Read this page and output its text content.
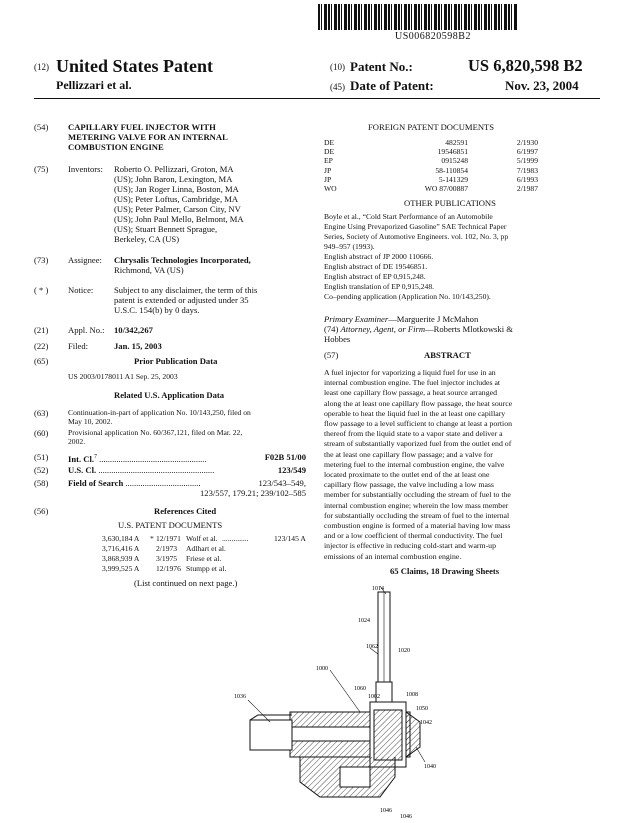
US006820598B2
(12) United States Patent
Pellizzari et al.
(10) Patent No.:	US 6,820,598 B2
(45) Date of Patent:	Nov. 23, 2004
(54) CAPILLARY FUEL INJECTOR WITH
METERING VALVE FOR AN INTERNAL
COMBUSTION ENGINE
(75) Inventors: Roberto O. Pellizzari, Groton, MA
(US); John Baron, Lexington, MA
(US); Jan Roger Linna, Boston, MA
(US); Peter Loftus, Cambridge, MA
(US); Peter Palmer, Carson City, NV
(US); John Paul Mello, Belmont, MA
(US); Stuart Bennett Sprague,
Berkeley, CA (US)
(73) Assignee: Chrysalis Technologies Incorporated,
Richmond, VA (US)
( * ) Notice: Subject to any disclaimer, the term of this
patent is extended or adjusted under 35
U.S.C. 154(b) by 0 days.
(21) Appl. No.: 10/342,267
(22) Filed:	Jan. 15, 2003
(65)	Prior Publication Data
US 2003/0178011 A1 Sep. 25, 2003
Related U.S. Application Data
(63)	Continuation-in-part of application No. 10/143,250, filed on
May 10, 2002.
(60)	Provisional application No. 60/367,121, filed on Mar. 22,
2002.
(51) Int. Cl.$^7$ ..................................................	F02B 51/00
(52) U.S. Cl. ......................................................	123/549
(58) Field of Search ...................................	123/543–549,
123/557, 179.21; 239/102–585
(56)	References Cited
U.S. PATENT DOCUMENTS
3,630,184 A * 12/1971 Wolf et al.	123/145 A
..............
3,716,416 A 2/1973 Adlhart et al.
3,868,939 A 3/1975 Friese et al.
3,999,525 A 12/1976 Stumpp et al.
(List continued on next page.)
FOREIGN PATENT DOCUMENTS
DE	482591	2/1930
DE	19546851	6/1997
EP	0915248	5/1999
JP	58-110854	7/1983
JP	5-141329	6/1993
WO	WO 87/00887	2/1987
OTHER PUBLICATIONS
Boyle et al., “Cold Start Performance of an Automobile
Engine Using Prevaporized Gasoline” SAE Technical Paper
Series, Society of Automotive Engineers. vol. 102, No. 3, pp
949–957 (1993).
English abstract of JP 2000 110666.
English abstract of DE 19546851.
English abstract of EP 0,915,248.
English translation of EP 0,915,248.
Co–pending application (Application No. 10/143,250).
Primary Examiner—Marguerite J McMahon
(74) Attorney, Agent, or Firm—Roberts Mlotkowski &
Hobbes
(57)	ABSTRACT
A fuel injector for vaporizing a liquid fuel for use in an
internal combustion engine. The fuel injector includes at
least one capillary flow passage, a heat source arranged
along the at least one capillary flow passage, the heat source
operable to heat the liquid fuel in the at least one capillary
flow passage to a level sufficient to change at least a portion
thereof from the liquid state to a vapor state and deliver a
stream of substantially vaporized fuel from the outlet end of
the at least one capillary flow passage; and a valve for
metering fuel to the internal combustion engine, the valve
located proximate to the outlet end of the at least one
capillary flow passage, the valve including a low mass
member for substantially occluding the stream of fuel to the
internal combustion engine; wherein the low mass member
for substantially occluding the stream of fuel to the internal
combustion engine is formed of a material having low mass
and or a low coefficient of thermal conductivity. The fuel
injector is effective in reducing cold-start and warm-up
emissions of an internal combustion engine.
65 Claims, 18 Drawing Sheets
1014
1024
1062
1020
1000
1060
1002	1008
1036
1050
1042
1040
1046
1046
